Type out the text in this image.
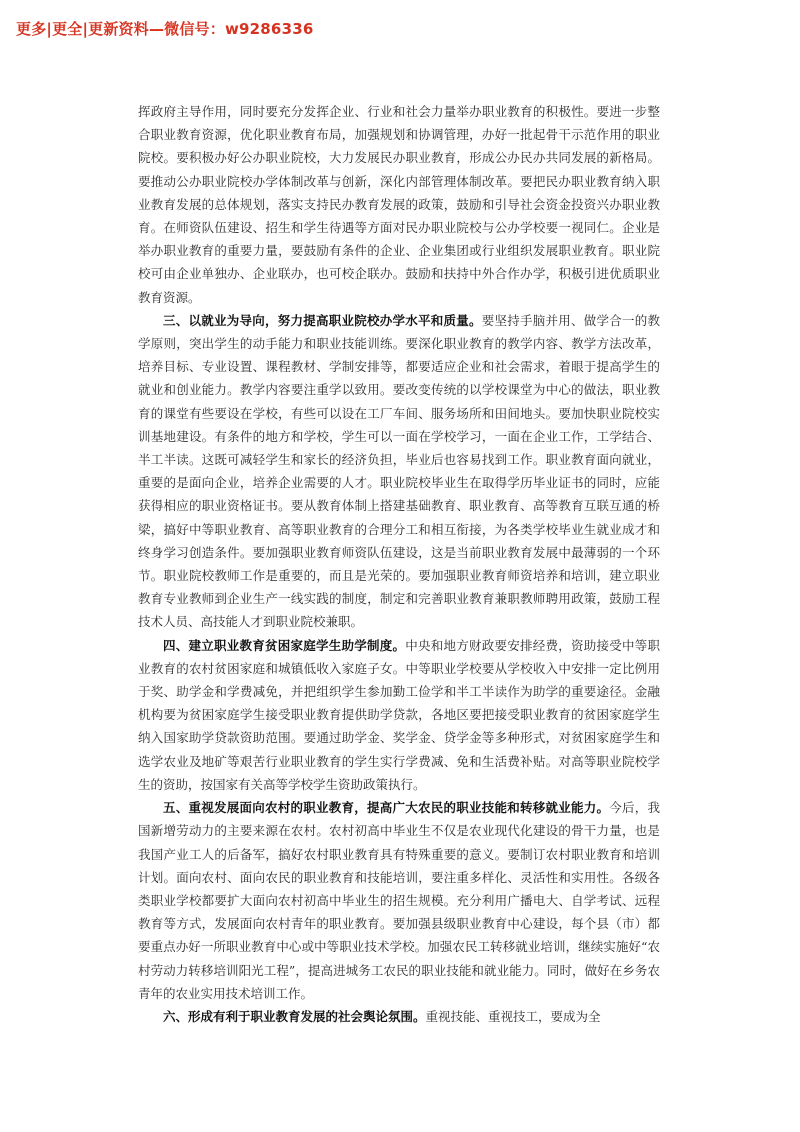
更多|更全|更新资料—微信号：w9286336

挥政府主导作用，同时要充分发挥企业、行业和社会力量举办职业教育的积极性。要进一步整合职业教育资源，优化职业教育布局，加强规划和协调管理，办好一批起骨干示范作用的职业院校。要积极办好公办职业院校，大力发展民办职业教育，形成公办民办共同发展的新格局。要推动公办职业院校办学体制改革与创新，深化内部管理体制改革。要把民办职业教育纳入职业教育发展的总体规划，落实支持民办教育发展的政策，鼓励和引导社会资金投资兴办职业教育。在师资队伍建设、招生和学生待遇等方面对民办职业院校与公办学校要一视同仁。企业是举办职业教育的重要力量，要鼓励有条件的企业、企业集团或行业组织发展职业教育。职业院校可由企业单独办、企业联办，也可校企联办。鼓励和扶持中外合作办学，积极引进优质职业教育资源。

三、以就业为导向，努力提高职业院校办学水平和质量。要坚持手脑并用、做学合一的教学原则，突出学生的动手能力和职业技能训练。要深化职业教育的教学内容、教学方法改革，培养目标、专业设置、课程教材、学制安排等，都要适应企业和社会需求，着眼于提高学生的就业和创业能力。教学内容要注重学以致用。要改变传统的以学校课堂为中心的做法，职业教育的课堂有些要设在学校，有些可以设在工厂车间、服务场所和田间地头。要加快职业院校实训基地建设。有条件的地方和学校，学生可以一面在学校学习，一面在企业工作，工学结合、半工半读。这既可减轻学生和家长的经济负担，毕业后也容易找到工作。职业教育面向就业，重要的是面向企业，培养企业需要的人才。职业院校毕业生在取得学历毕业证书的同时，应能获得相应的职业资格证书。要从教育体制上搭建基础教育、职业教育、高等教育互联互通的桥梁，搞好中等职业教育、高等职业教育的合理分工和相互衔接，为各类学校毕业生就业成才和终身学习创造条件。要加强职业教育师资队伍建设，这是当前职业教育发展中最薄弱的一个环节。职业院校教师工作是重要的，而且是光荣的。要加强职业教育师资培养和培训，建立职业教育专业教师到企业生产一线实践的制度，制定和完善职业教育兼职教师聘用政策，鼓励工程技术人员、高技能人才到职业院校兼职。

四、建立职业教育贫困家庭学生助学制度。中央和地方财政要安排经费，资助接受中等职业教育的农村贫困家庭和城镇低收入家庭子女。中等职业学校要从学校收入中安排一定比例用于奖、助学金和学费减免，并把组织学生参加勤工俭学和半工半读作为助学的重要途径。金融机构要为贫困家庭学生接受职业教育提供助学贷款，各地区要把接受职业教育的贫困家庭学生纳入国家助学贷款资助范围。要通过助学金、奖学金、贷学金等多种形式，对贫困家庭学生和选学农业及地矿等艰苦行业职业教育的学生实行学费减、免和生活费补贴。对高等职业院校学生的资助，按国家有关高等学校学生资助政策执行。

五、重视发展面向农村的职业教育，提高广大农民的职业技能和转移就业能力。今后，我国新增劳动力的主要来源在农村。农村初高中毕业生不仅是农业现代化建设的骨干力量，也是我国产业工人的后备军，搞好农村职业教育具有特殊重要的意义。要制订农村职业教育和培训计划。面向农村、面向农民的职业教育和技能培训，要注重多样化、灵活性和实用性。各级各类职业学校都要扩大面向农村初高中毕业生的招生规模。充分利用广播电大、自学考试、远程教育等方式，发展面向农村青年的职业教育。要加强县级职业教育中心建设，每个县（市）都要重点办好一所职业教育中心或中等职业技术学校。加强农民工转移就业培训，继续实施好“农村劳动力转移培训阳光工程”，提高进城务工农民的职业技能和就业能力。同时，做好在乡务农青年的农业实用技术培训工作。

六、形成有利于职业教育发展的社会舆论氛围。重视技能、重视技工，要成为全
